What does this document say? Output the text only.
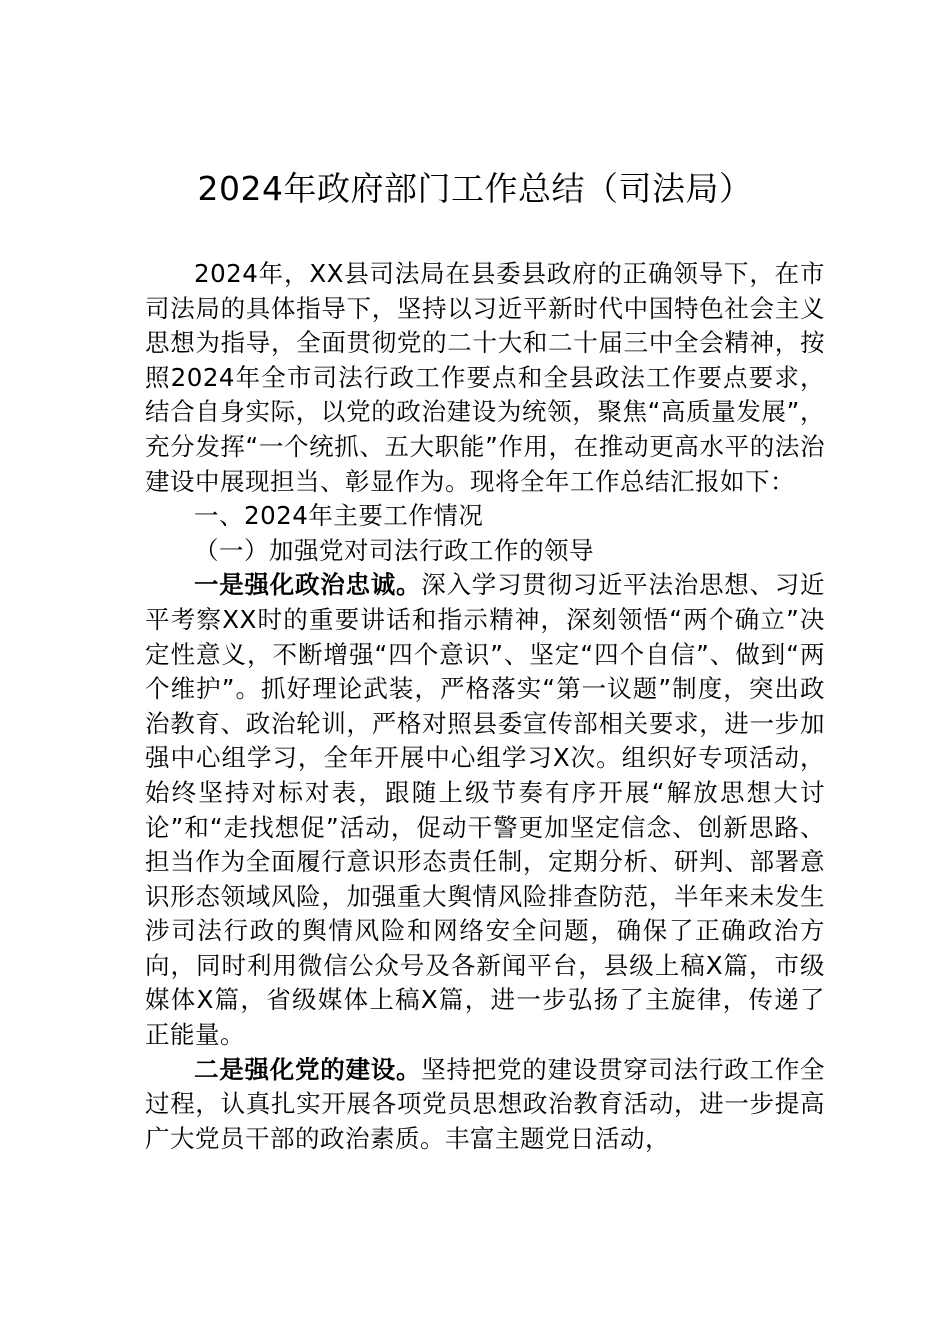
2024年政府部门工作总结（司法局）

2024年，XX县司法局在县委县政府的正确领导下，在市司法局的具体指导下，坚持以习近平新时代中国特色社会主义思想为指导，全面贯彻党的二十大和二十届三中全会精神，按照2024年全市司法行政工作要点和全县政法工作要点要求，结合自身实际，以党的政治建设为统领，聚焦“高质量发展”，充分发挥“一个统抓、五大职能”作用，在推动更高水平的法治建设中展现担当、彰显作为。现将全年工作总结汇报如下：

一、2024年主要工作情况

（一）加强党对司法行政工作的领导

一是强化政治忠诚。深入学习贯彻习近平法治思想、习近平考察XX时的重要讲话和指示精神，深刻领悟“两个确立”决定性意义，不断增强“四个意识”、坚定“四个自信”、做到“两个维护”。抓好理论武装，严格落实“第一议题”制度，突出政治教育、政治轮训，严格对照县委宣传部相关要求，进一步加强中心组学习，全年开展中心组学习X次。组织好专项活动，始终坚持对标对表，跟随上级节奏有序开展“解放思想大讨论”和“走找想促”活动，促动干警更加坚定信念、创新思路、担当作为全面履行意识形态责任制，定期分析、研判、部署意识形态领域风险，加强重大舆情风险排查防范，半年来未发生涉司法行政的舆情风险和网络安全问题，确保了正确政治方向，同时利用微信公众号及各新闻平台，县级上稿X篇，市级媒体X篇，省级媒体上稿X篇，进一步弘扬了主旋律，传递了正能量。

二是强化党的建设。坚持把党的建设贯穿司法行政工作全过程，认真扎实开展各项党员思想政治教育活动，进一步提高广大党员干部的政治素质。丰富主题党日活动，
